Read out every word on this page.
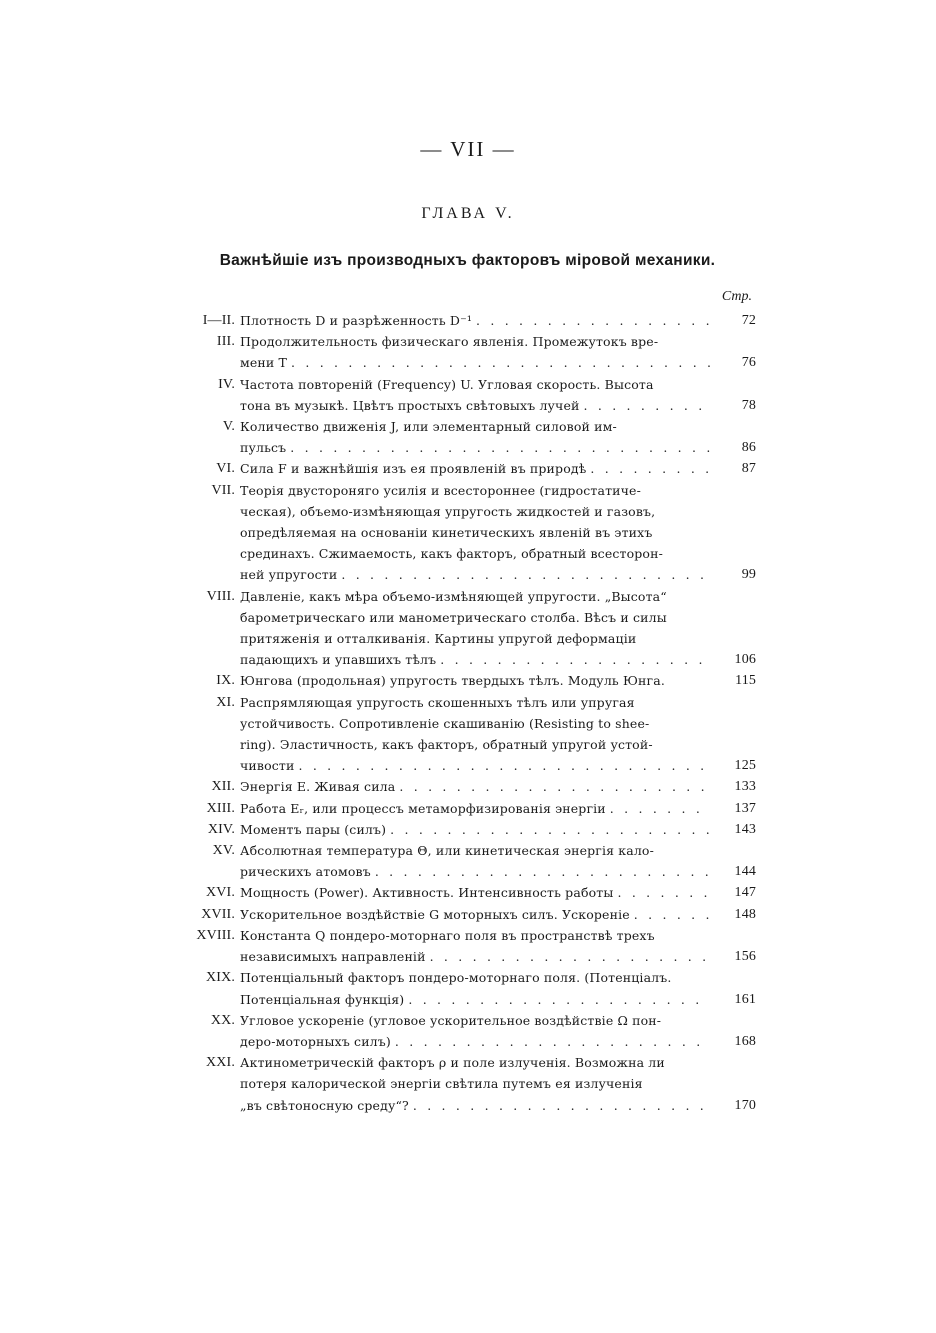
— VII —
ГЛАВА V.
Важнѣйшіе изъ производныхъ факторовъ міровой механики.
Стр.
I—II. Плотность D и разрѣженность D⁻¹ . . .	72
III. Продолжительность физическаго явленія. Промежутокъ вре-
мени T . . .	76
IV. Частота повтореній (Frequency) U. Угловая скорость. Высота
тона въ музыкѣ. Цвѣтъ простыхъ свѣтовыхъ лучей . . .	78
V. Количество движенія J, или элементарный силовой им-
пульсъ . . .	86
VI. Сила F и важнѣйшія изъ ея проявленій въ природѣ . . .	87
VII. Теорія двустороняго усилія и всестороннее (гидростатиче-
ческая), объемо-измѣняющая упругость жидкостей и газовъ,
опредѣляемая на основаніи кинетическихъ явленій въ этихъ
срединахъ. Сжимаемость, какъ факторъ, обратный всесторон-
ней упругости . . .	99
VIII. Давленіе, какъ мѣра объемо-измѣняющей упругости. „Высота“
барометрическаго или манометрическаго столба. Вѣсъ и силы
притяженія и отталкиванія. Картины упругой деформаціи
падающихъ и упавшихъ тѣлъ . . .	106
IX. Юнгова (продольная) упругость твердыхъ тѣлъ. Модуль Юнга.	115
XI. Распрямляющая упругость скошенныхъ тѣлъ или упругая
устойчивость. Сопротивленіе скашиванію (Resisting to shee-
ring). Эластичность, какъ факторъ, обратный упругой устой-
чивости . . .	125
XII. Энергія E. Живая сила . . .	133
XIII. Работа Eᵣ, или процессъ метаморфизированія энергіи . . .	137
XIV. Моментъ пары (силъ) . . .	143
XV. Абсолютная температура Θ, или кинетическая энергія кало-
рическихъ атомовъ . . .	144
XVI. Мощность (Power). Активность. Интенсивность работы . . .	147
XVII. Ускорительное воздѣйствіе G моторныхъ силъ. Ускореніе . . .	148
XVIII. Константа Q пондеро-моторнаго поля въ пространствѣ трехъ
независимыхъ направленій . . .	156
XIX. Потенціальный факторъ пондеро-моторнаго поля. (Потенціалъ.
Потенціальная функція) . . .	161
XX. Угловое ускореніе (угловое ускорительное воздѣйствіе Ω пон-
деро-моторныхъ силъ) . . .	168
XXI. Актинометрическій факторъ ρ и поле излученія. Возможна ли
потеря калорической энергіи свѣтила путемъ ея излученія
„въ свѣтоносную среду“? . . .	170
